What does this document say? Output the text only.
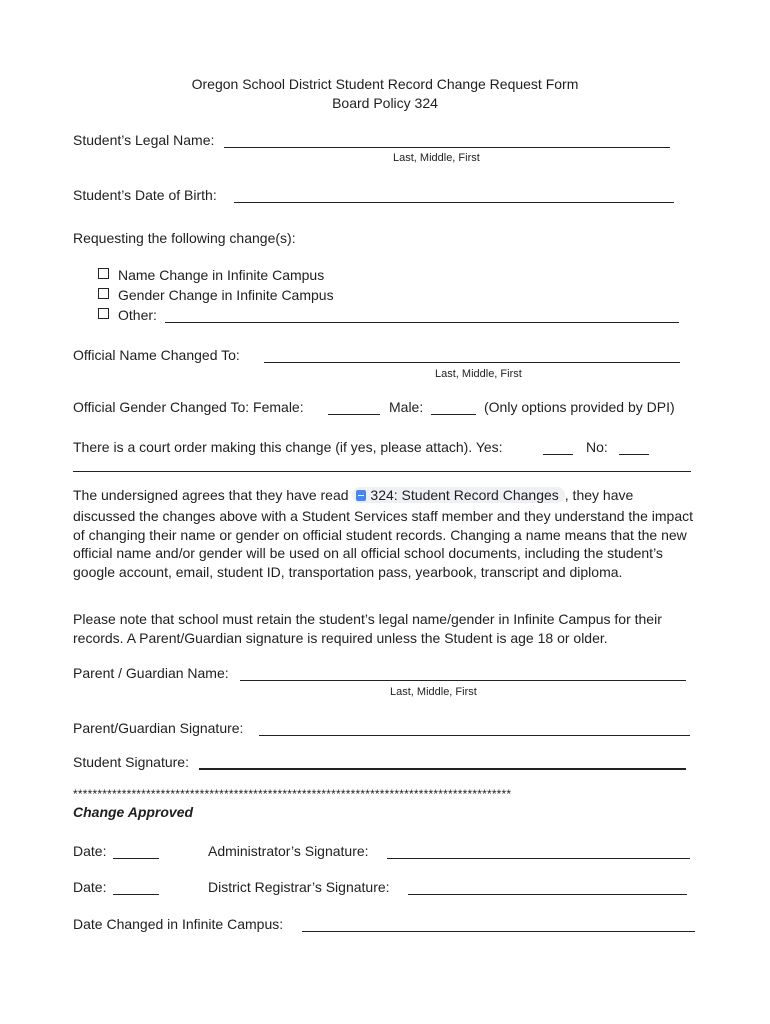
Oregon School District Student Record Change Request Form
Board Policy 324
Student’s Legal Name:
Last, Middle, First
Student’s Date of Birth:
Requesting the following change(s):
Name Change in Infinite Campus
Gender Change in Infinite Campus
Other:
Official Name Changed To:
Last, Middle, First
Official Gender Changed To: Female:	Male:	(Only options provided by DPI)
There is a court order making this change (if yes, please attach). Yes:	No:
The undersigned agrees that they have read 324: Student Record Changes , they have
discussed the changes above with a Student Services staff member and they understand the impact of changing their name or gender on official student records. Changing a name means that the new official name and/or gender will be used on all official school documents, including the student’s google account, email, student ID, transportation pass, yearbook, transcript and diploma.
Please note that school must retain the student’s legal name/gender in Infinite Campus for their records. A Parent/Guardian signature is required unless the Student is age 18 or older.
Parent / Guardian Name:
Last, Middle, First
Parent/Guardian Signature:
Student Signature:
******************************************************************************************
Change Approved
Date:	Administrator’s Signature:
Date:	District Registrar’s Signature:
Date Changed in Infinite Campus:
